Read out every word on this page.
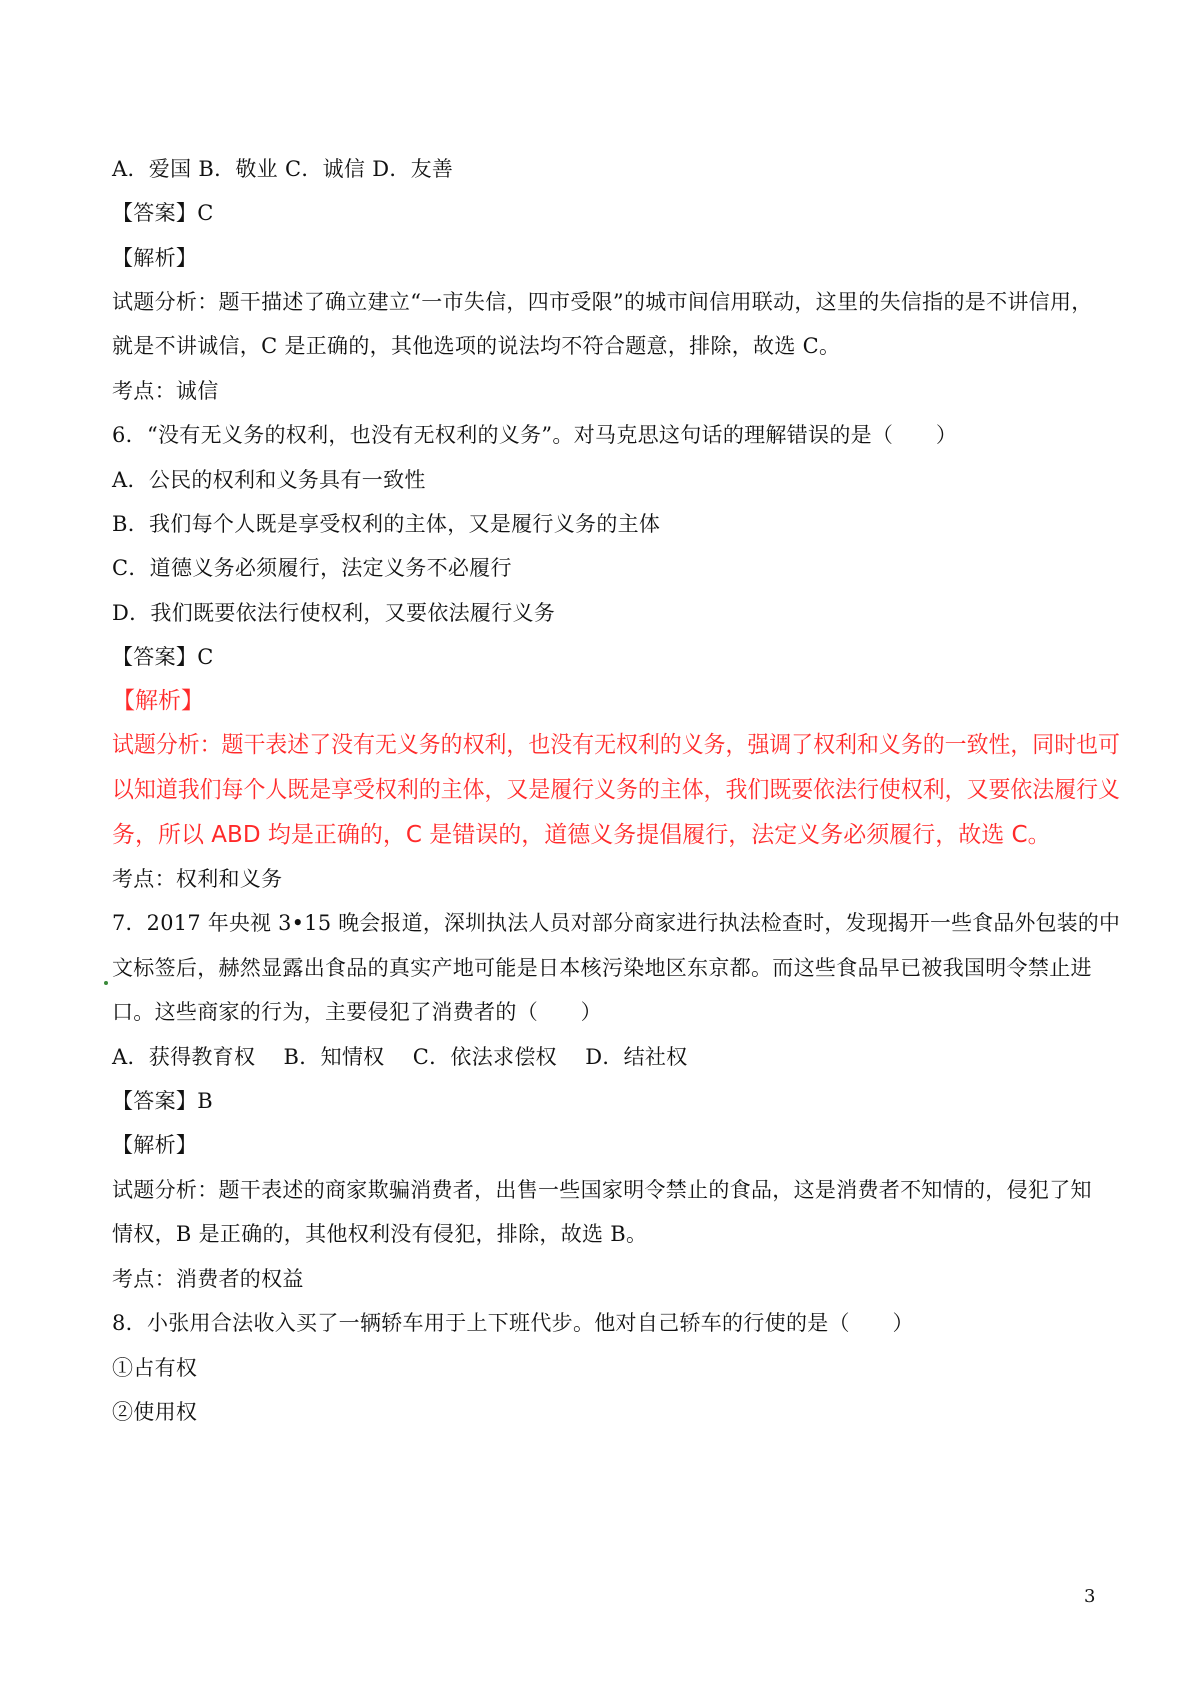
A．爱国 B．敬业 C．诚信 D．友善
【答案】C
【解析】
试题分析：题干描述了确立建立“一市失信，四市受限”的城市间信用联动，这里的失信指的是不讲信用，
就是不讲诚信，C 是正确的，其他选项的说法均不符合题意，排除，故选 C。
考点：诚信
6．“没有无义务的权利，也没有无权利的义务”。对马克思这句话的理解错误的是（　　）
A．公民的权利和义务具有一致性
B．我们每个人既是享受权利的主体，又是履行义务的主体
C．道德义务必须履行，法定义务不必履行
D．我们既要依法行使权利，又要依法履行义务
【答案】C
【解析】
试题分析：题干表述了没有无义务的权利，也没有无权利的义务，强调了权利和义务的一致性，同时也可
以知道我们每个人既是享受权利的主体，又是履行义务的主体，我们既要依法行使权利，又要依法履行义
务，所以 ABD 均是正确的，C 是错误的，道德义务提倡履行，法定义务必须履行，故选 C。
考点：权利和义务
7．2017 年央视 3•15 晚会报道，深圳执法人员对部分商家进行执法检查时，发现揭开一些食品外包装的中
文标签后，赫然显露出食品的真实产地可能是日本核污染地区东京都。而这些食品早已被我国明令禁止进
口。这些商家的行为，主要侵犯了消费者的（　　）
A．获得教育权　 B．知情权　 C．依法求偿权　 D．结社权
【答案】B
【解析】
试题分析：题干表述的商家欺骗消费者，出售一些国家明令禁止的食品，这是消费者不知情的，侵犯了知
情权，B 是正确的，其他权利没有侵犯，排除，故选 B。
考点：消费者的权益
8．小张用合法收入买了一辆轿车用于上下班代步。他对自己轿车的行使的是（　　）
①占有权
②使用权
3
